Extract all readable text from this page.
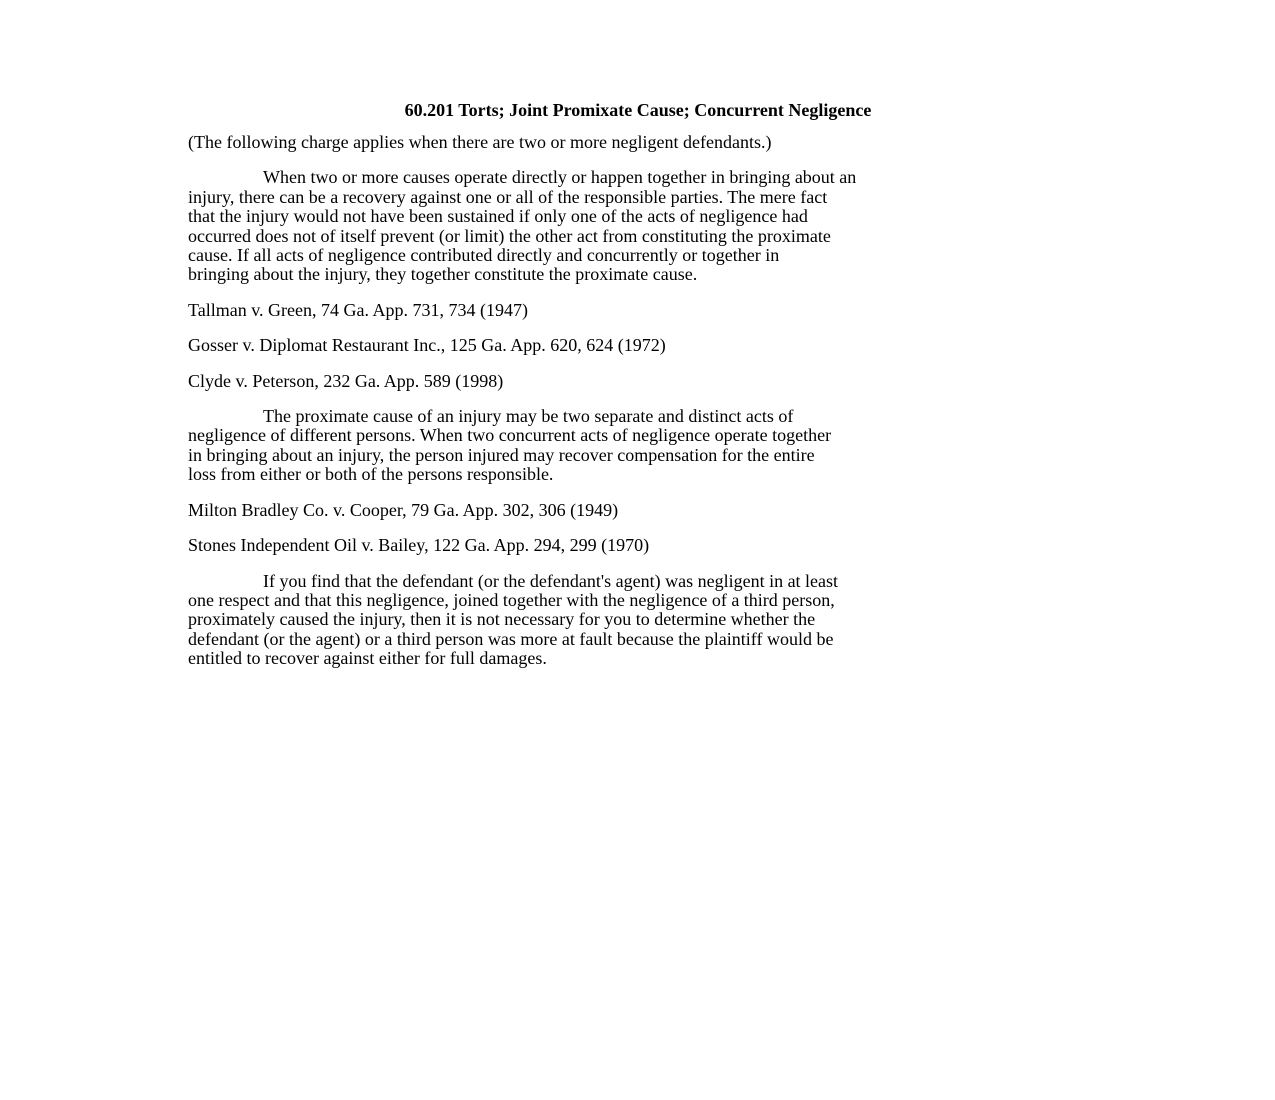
60.201 Torts; Joint Promixate Cause; Concurrent Negligence
(The following charge applies when there are two or more negligent defendants.)
When two or more causes operate directly or happen together in bringing about an
injury, there can be a recovery against one or all of the responsible parties. The mere fact
that the injury would not have been sustained if only one of the acts of negligence had
occurred does not of itself prevent (or limit) the other act from constituting the proximate
cause. If all acts of negligence contributed directly and concurrently or together in
bringing about the injury, they together constitute the proximate cause.
Tallman v. Green, 74 Ga. App. 731, 734 (1947)
Gosser v. Diplomat Restaurant Inc., 125 Ga. App. 620, 624 (1972)
Clyde v. Peterson, 232 Ga. App. 589 (1998)
The proximate cause of an injury may be two separate and distinct acts of
negligence of different persons. When two concurrent acts of negligence operate together
in bringing about an injury, the person injured may recover compensation for the entire
loss from either or both of the persons responsible.
Milton Bradley Co. v. Cooper, 79 Ga. App. 302, 306 (1949)
Stones Independent Oil v. Bailey, 122 Ga. App. 294, 299 (1970)
If you find that the defendant (or the defendant's agent) was negligent in at least
one respect and that this negligence, joined together with the negligence of a third person,
proximately caused the injury, then it is not necessary for you to determine whether the
defendant (or the agent) or a third person was more at fault because the plaintiff would be
entitled to recover against either for full damages.
